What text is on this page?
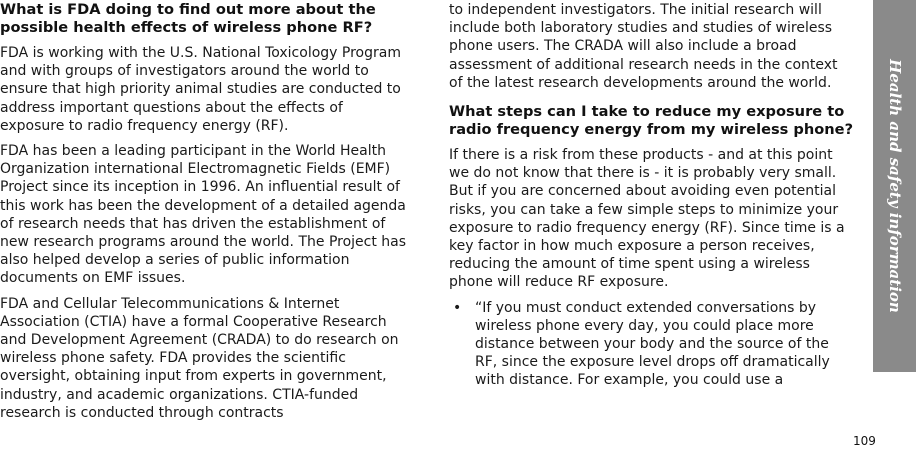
What is FDA doing to find out more about the possible health effects of wireless phone RF?

FDA is working with the U.S. National Toxicology Program and with groups of investigators around the world to ensure that high priority animal studies are conducted to address important questions about the effects of exposure to radio frequency energy (RF).

FDA has been a leading participant in the World Health Organization international Electromagnetic Fields (EMF) Project since its inception in 1996. An influential result of this work has been the development of a detailed agenda of research needs that has driven the establishment of new research programs around the world. The Project has also helped develop a series of public information documents on EMF issues.

FDA and Cellular Telecommunications & Internet Association (CTIA) have a formal Cooperative Research and Development Agreement (CRADA) to do research on wireless phone safety. FDA provides the scientific oversight, obtaining input from experts in government, industry, and academic organizations. CTIA-funded research is conducted through contracts

to independent investigators. The initial research will include both laboratory studies and studies of wireless phone users. The CRADA will also include a broad assessment of additional research needs in the context of the latest research developments around the world.

What steps can I take to reduce my exposure to radio frequency energy from my wireless phone?

If there is a risk from these products - and at this point we do not know that there is - it is probably very small. But if you are concerned about avoiding even potential risks, you can take a few simple steps to minimize your exposure to radio frequency energy (RF). Since time is a key factor in how much exposure a person receives, reducing the amount of time spent using a wireless phone will reduce RF exposure.

• “If you must conduct extended conversations by wireless phone every day, you could place more distance between your body and the source of the RF, since the exposure level drops off dramatically with distance. For example, you could use a
Health and safety information
109
